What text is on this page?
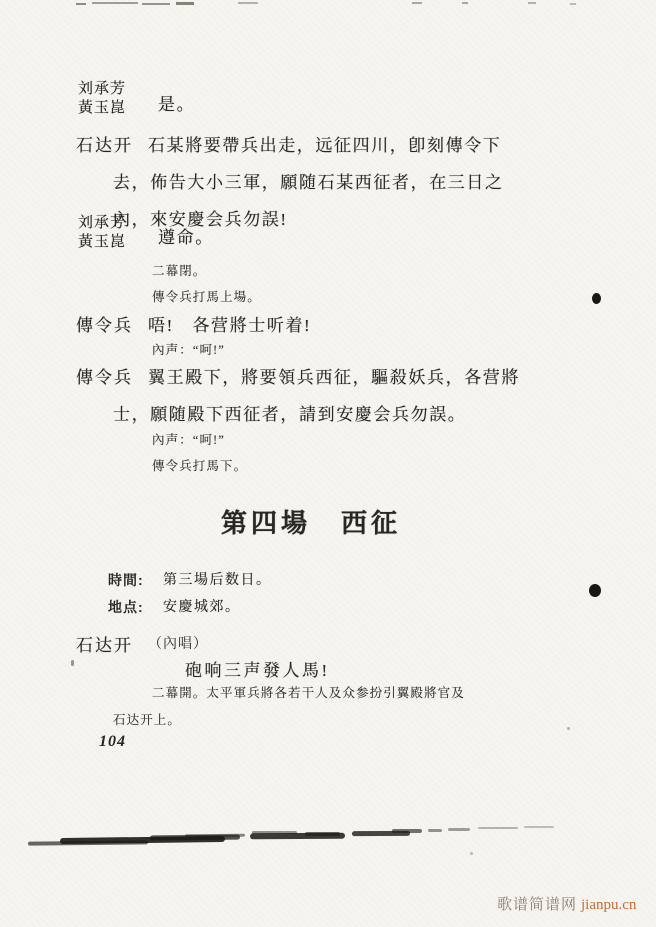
刘承芳
黃玉崑 是。
石达开 石某將要帶兵出走，远征四川，卽刻傳令下
去，佈告大小三軍，願随石某西征者，在三日之
內，來安慶会兵勿誤!
刘承芳
黃玉崑 遵命。
二幕閉。
傳令兵打馬上場。
傳令兵 唔!　各营將士听着!
內声：“呵!”
傳令兵 翼王殿下，將要領兵西征，驅殺妖兵，各营將
士，願随殿下西征者，請到安慶会兵勿誤。
內声：“呵!”
傳令兵打馬下。
第四場　西征
時間: 第三場后数日。
地点: 安慶城郊。
石达开 （內唱）
砲响三声發人馬!
二幕開。太平軍兵將各若干人及众参扮引翼殿將官及
石达开上。
104
歌谱简谱网 jianpu.cn
